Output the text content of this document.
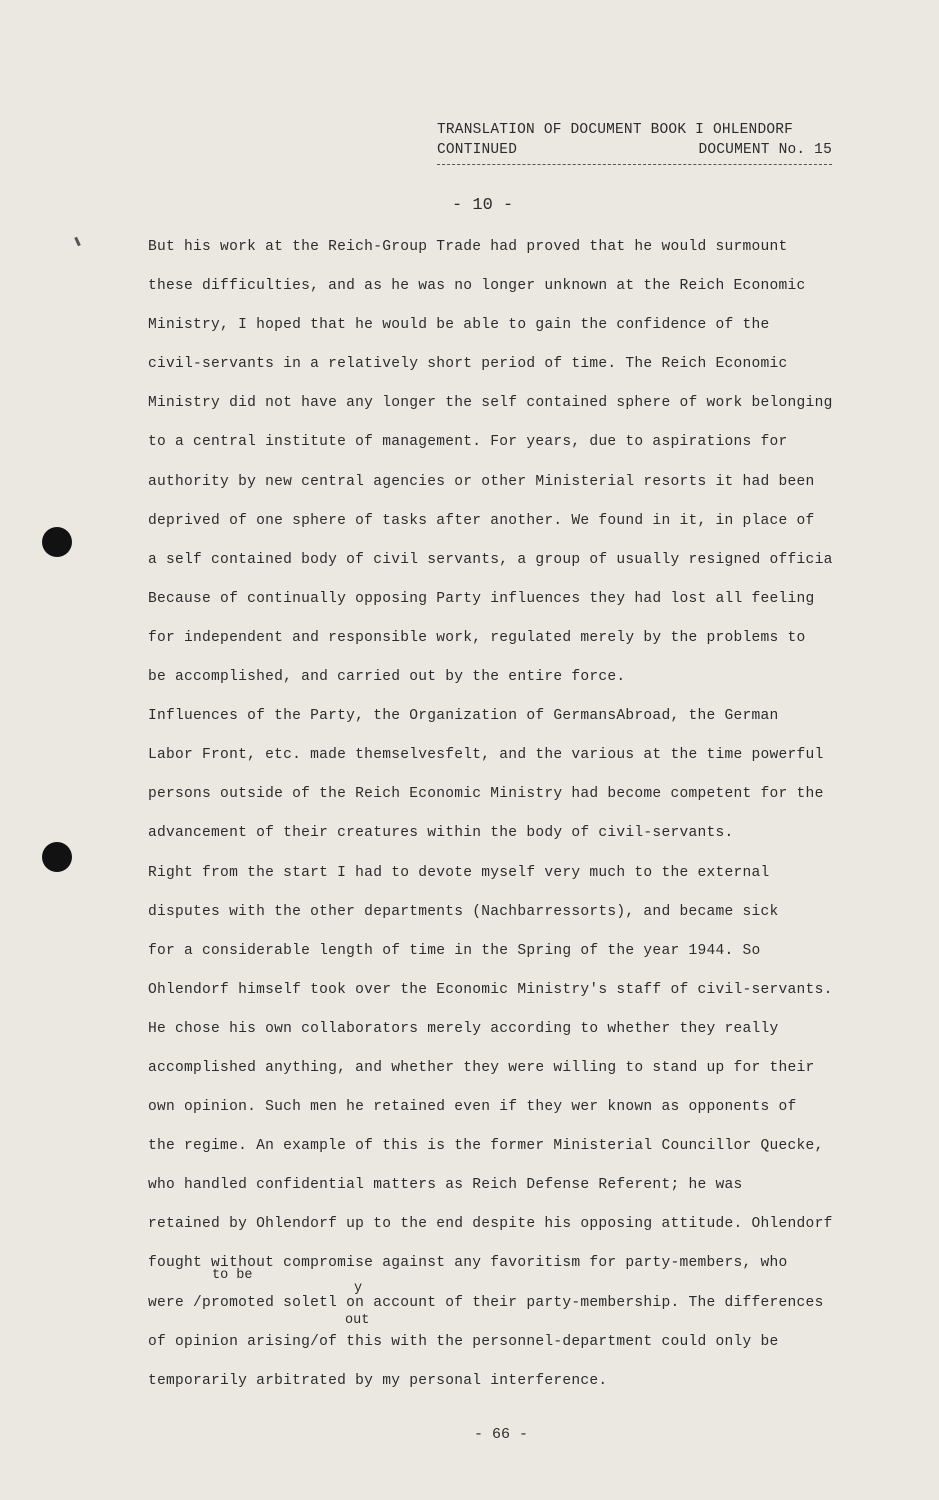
TRANSLATION OF DOCUMENT BOOK I OHLENDORF
CONTINUED	DOCUMENT No. 15
- 10 -
But his work at the Reich-Group Trade had proved that he would surmount
these difficulties, and as he was no longer unknown at the Reich Economic
Ministry, I hoped that he would be able to gain the confidence of the
civil-servants in a relatively short period of time. The Reich Economic
Ministry did not have any longer the self contained sphere of work belonging
to a central institute of management. For years, due to aspirations for
authority by new central agencies or other Ministerial resorts it had been
deprived of one sphere of tasks after another. We found in it, in place of
a self contained body of civil servants, a group of usually resigned officia
Because of continually opposing Party influences they had lost all feeling
for independent and responsible work, regulated merely by the problems to
be accomplished, and carried out by the entire force.
Influences of the Party, the Organization of GermansAbroad, the German
Labor Front, etc. made themselvesfelt, and the various at the time powerful
persons outside of the Reich Economic Ministry had become competent for the
advancement of their creatures within the body of civil-servants.
Right from the start I had to devote myself very much to the external
disputes with the other departments (Nachbarressorts), and became sick
for a considerable length of time in the Spring of the year 1944. So
Ohlendorf himself took over the Economic Ministry's staff of civil-servants.
He chose his own collaborators merely according to whether they really
accomplished anything, and whether they were willing to stand up for their
own opinion. Such men he retained even if they wer known as opponents of
the regime. An example of this is the former Ministerial Councillor Quecke,
who handled confidential matters as Reich Defense Referent; he was
retained by Ohlendorf up to the end despite his opposing attitude. Ohlendorf
fought without compromise against any favoritism for party-members, who
were /promoted soletl on account of their party-membership. The differences
of opinion arising/of this with the personnel-department could only be
temporarily arbitrated by my personal interference.
to be
y
out
- 66 -
